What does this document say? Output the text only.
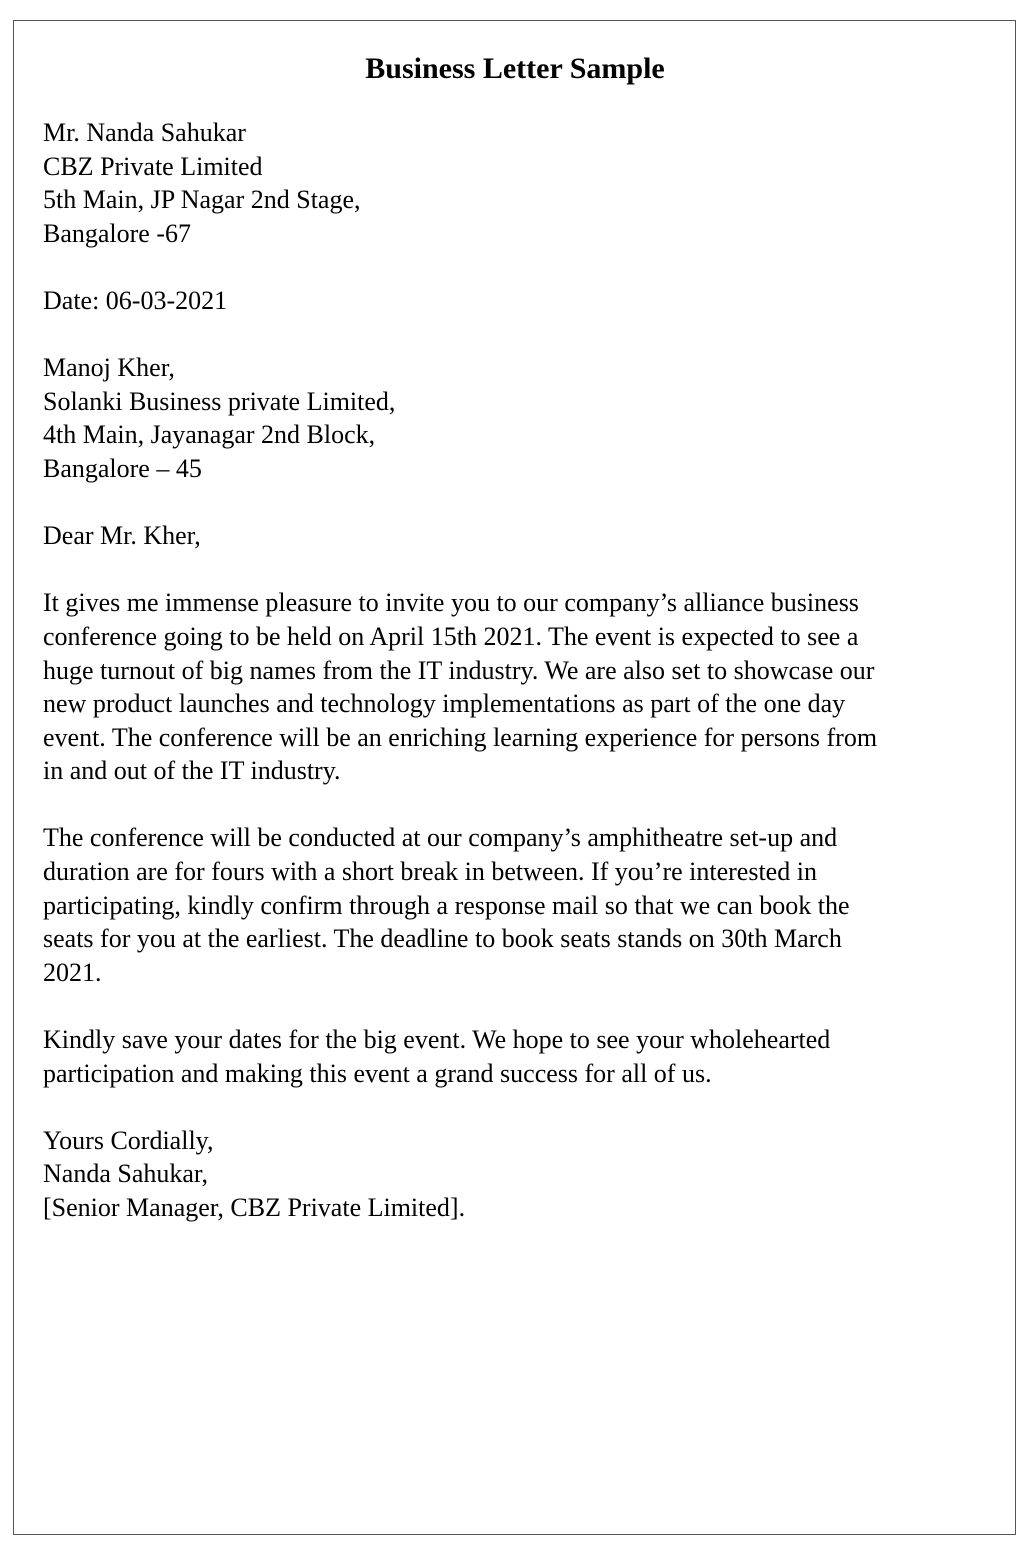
Business Letter Sample
Mr. Nanda Sahukar
CBZ Private Limited
5th Main, JP Nagar 2nd Stage,
Bangalore -67
Date: 06-03-2021
Manoj Kher,
Solanki Business private Limited,
4th Main, Jayanagar 2nd Block,
Bangalore – 45
Dear Mr. Kher,
It gives me immense pleasure to invite you to our company’s alliance business
conference going to be held on April 15th 2021. The event is expected to see a
huge turnout of big names from the IT industry. We are also set to showcase our
new product launches and technology implementations as part of the one day
event. The conference will be an enriching learning experience for persons from
in and out of the IT industry.
The conference will be conducted at our company’s amphitheatre set-up and
duration are for fours with a short break in between. If you’re interested in
participating, kindly confirm through a response mail so that we can book the
seats for you at the earliest. The deadline to book seats stands on 30th March
2021.
Kindly save your dates for the big event. We hope to see your wholehearted
participation and making this event a grand success for all of us.
Yours Cordially,
Nanda Sahukar,
[Senior Manager, CBZ Private Limited].
